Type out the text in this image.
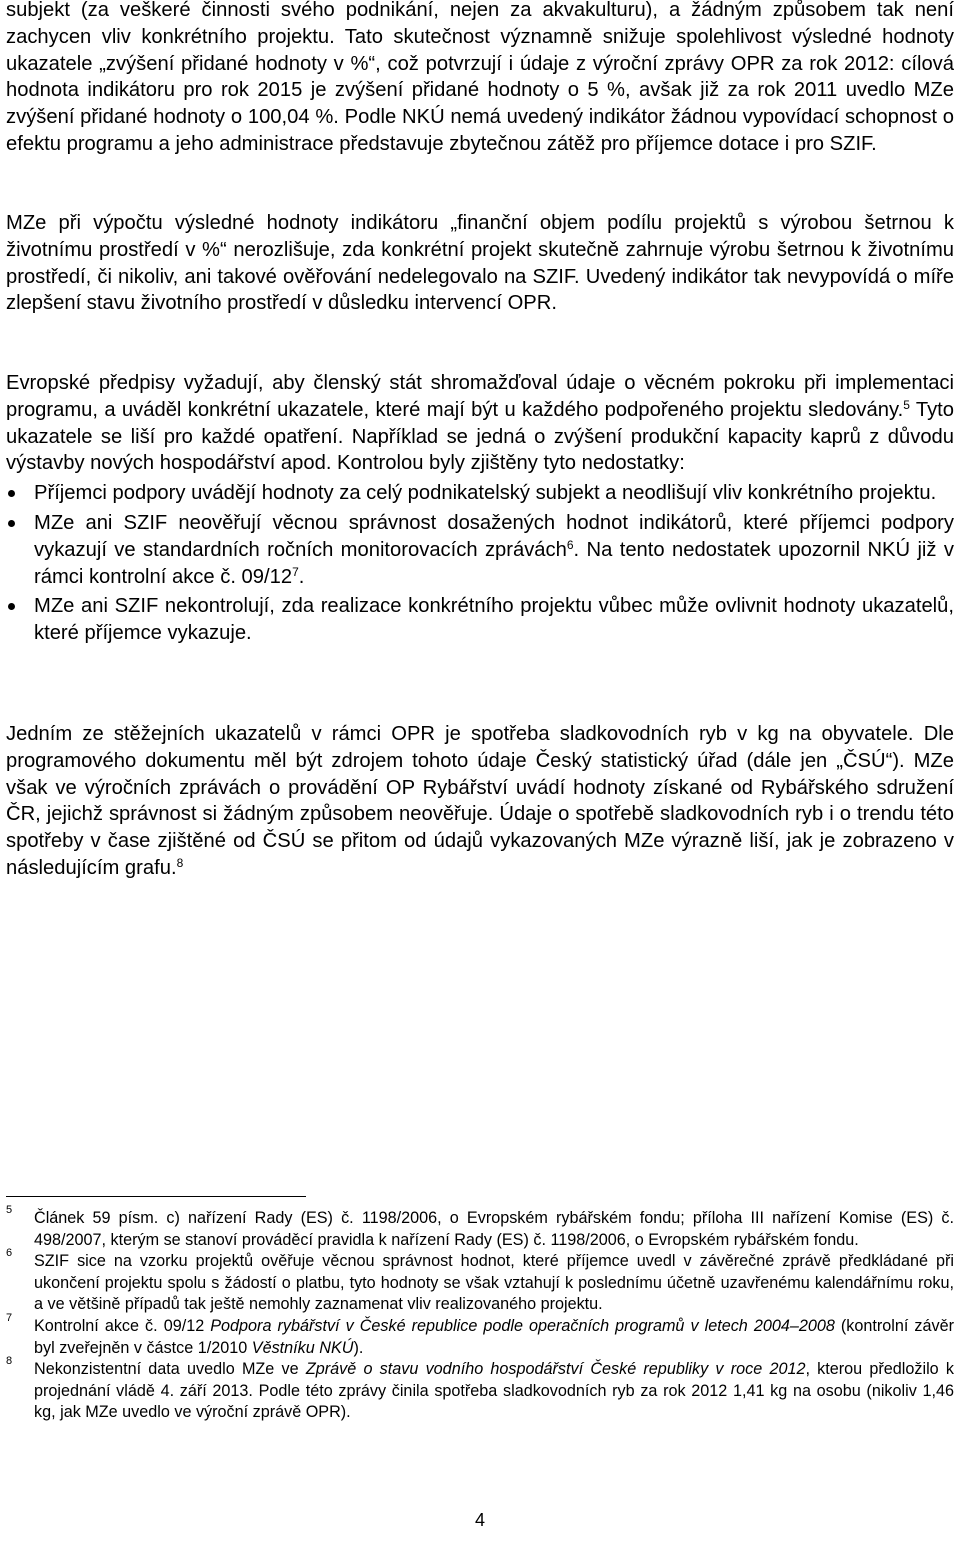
subjekt (za veškeré činnosti svého podnikání, nejen za akvakulturu), a žádným způsobem tak není zachycen vliv konkrétního projektu. Tato skutečnost významně snižuje spolehlivost výsledné hodnoty ukazatele „zvýšení přidané hodnoty v %“, což potvrzují i údaje z výroční zprávy OPR za rok 2012: cílová hodnota indikátoru pro rok 2015 je zvýšení přidané hodnoty o 5 %, avšak již za rok 2011 uvedlo MZe zvýšení přidané hodnoty o 100,04 %. Podle NKÚ nemá uvedený indikátor žádnou vypovídací schopnost o efektu programu a jeho administrace představuje zbytečnou zátěž pro příjemce dotace i pro SZIF.

MZe při výpočtu výsledné hodnoty indikátoru „finanční objem podílu projektů s výrobou šetrnou k životnímu prostředí v %“ nerozlišuje, zda konkrétní projekt skutečně zahrnuje výrobu šetrnou k životnímu prostředí, či nikoliv, ani takové ověřování nedelegovalo na SZIF. Uvedený indikátor tak nevypovídá o míře zlepšení stavu životního prostředí v důsledku intervencí OPR.

Evropské předpisy vyžadují, aby členský stát shromažďoval údaje o věcném pokroku při implementaci programu, a uváděl konkrétní ukazatele, které mají být u každého podpořeného projektu sledovány.$^5$ Tyto ukazatele se liší pro každé opatření. Například se jedná o zvýšení produkční kapacity kaprů z důvodu výstavby nových hospodářství apod. Kontrolou byly zjištěny tyto nedostatky:

Příjemci podpory uvádějí hodnoty za celý podnikatelský subjekt a neodlišují vliv konkrétního projektu.
MZe ani SZIF neověřují věcnou správnost dosažených hodnot indikátorů, které příjemci podpory vykazují ve standardních ročních monitorovacích zprávách$^6$. Na tento nedostatek upozornil NKÚ již v rámci kontrolní akce č. $09/12^7$.
MZe ani SZIF nekontrolují, zda realizace konkrétního projektu vůbec může ovlivnit hodnoty ukazatelů, které příjemce vykazuje.

Jedním ze stěžejních ukazatelů v rámci OPR je spotřeba sladkovodních ryb v kg na obyvatele. Dle programového dokumentu měl být zdrojem tohoto údaje Český statistický úřad (dále jen „ČSÚ“). MZe však ve výročních zprávách o provádění OP Rybářství uvádí hodnoty získané od Rybářského sdružení ČR, jejichž správnost si žádným způsobem neověřuje. Údaje o spotřebě sladkovodních ryb i o trendu této spotřeby v čase zjištěné od ČSÚ se přitom od údajů vykazovaných MZe výrazně liší, jak je zobrazeno v následujícím grafu.$^8$

5 Článek 59 písm. c) nařízení Rady (ES) č. 1198/2006, o Evropském rybářském fondu; příloha III nařízení Komise (ES) č. 498/2007, kterým se stanoví prováděcí pravidla k nařízení Rady (ES) č. 1198/2006, o Evropském rybářském fondu.
6 SZIF sice na vzorku projektů ověřuje věcnou správnost hodnot, které příjemce uvedl v závěrečné zprávě předkládané při ukončení projektu spolu s žádostí o platbu, tyto hodnoty se však vztahují k poslednímu účetně uzavřenému kalendářnímu roku, a ve většině případů tak ještě nemohly zaznamenat vliv realizovaného projektu.
7 Kontrolní akce č. 09/12 Podpora rybářství v České republice podle operačních programů v letech 2004–2008 (kontrolní závěr byl zveřejněn v částce 1/2010 Věstníku NKÚ).
8 Nekonzistentní data uvedlo MZe ve Zprávě o stavu vodního hospodářství České republiky v roce 2012, kterou předložilo k projednání vládě 4. září 2013. Podle této zprávy činila spotřeba sladkovodních ryb za rok 2012 1,41 kg na osobu (nikoliv 1,46 kg, jak MZe uvedlo ve výroční zprávě OPR).
4
